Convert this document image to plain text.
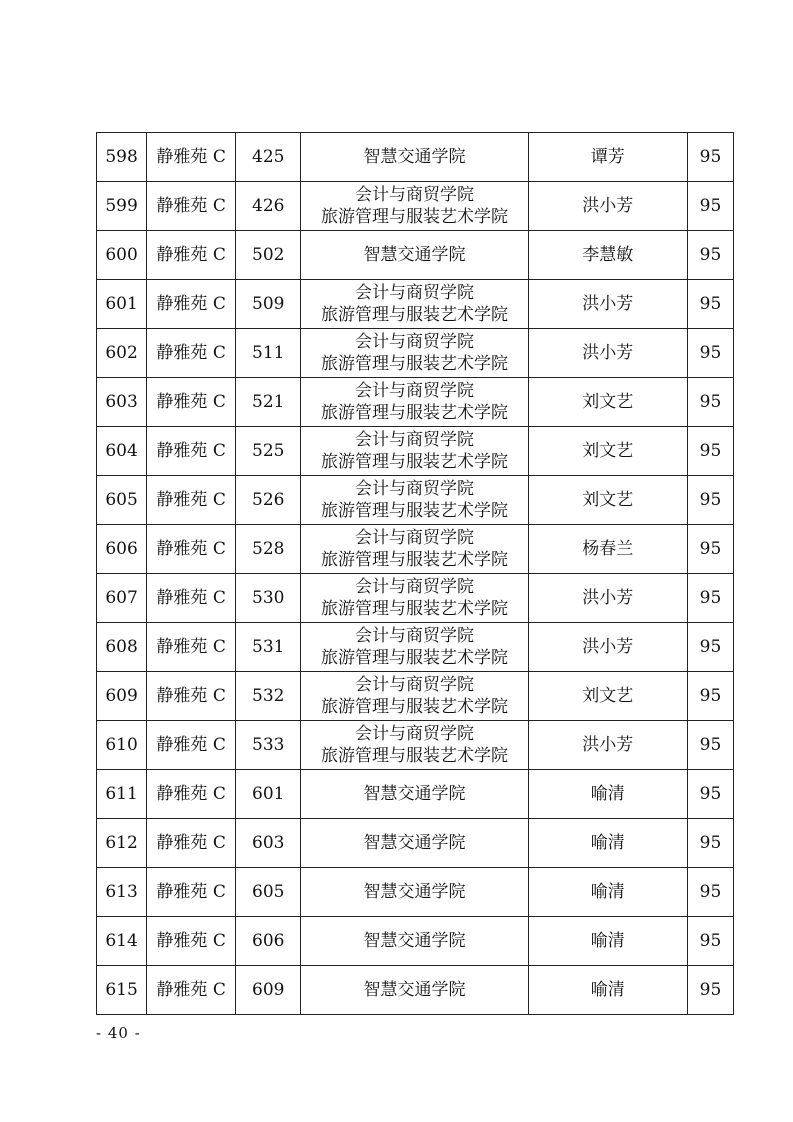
598	静雅苑 C	425	智慧交通学院	谭芳	95
599	静雅苑 C	426	会计与商贸学院
旅游管理与服装艺术学院	洪小芳	95
600	静雅苑 C	502	智慧交通学院	李慧敏	95
601	静雅苑 C	509	会计与商贸学院
旅游管理与服装艺术学院	洪小芳	95
602	静雅苑 C	511	会计与商贸学院
旅游管理与服装艺术学院	洪小芳	95
603	静雅苑 C	521	会计与商贸学院
旅游管理与服装艺术学院	刘文艺	95
604	静雅苑 C	525	会计与商贸学院
旅游管理与服装艺术学院	刘文艺	95
605	静雅苑 C	526	会计与商贸学院
旅游管理与服装艺术学院	刘文艺	95
606	静雅苑 C	528	会计与商贸学院
旅游管理与服装艺术学院	杨春兰	95
607	静雅苑 C	530	会计与商贸学院
旅游管理与服装艺术学院	洪小芳	95
608	静雅苑 C	531	会计与商贸学院
旅游管理与服装艺术学院	洪小芳	95
609	静雅苑 C	532	会计与商贸学院
旅游管理与服装艺术学院	刘文艺	95
610	静雅苑 C	533	会计与商贸学院
旅游管理与服装艺术学院	洪小芳	95
611	静雅苑 C	601	智慧交通学院	喻清	95
612	静雅苑 C	603	智慧交通学院	喻清	95
613	静雅苑 C	605	智慧交通学院	喻清	95
614	静雅苑 C	606	智慧交通学院	喻清	95
615	静雅苑 C	609	智慧交通学院	喻清	95
- 40 -
